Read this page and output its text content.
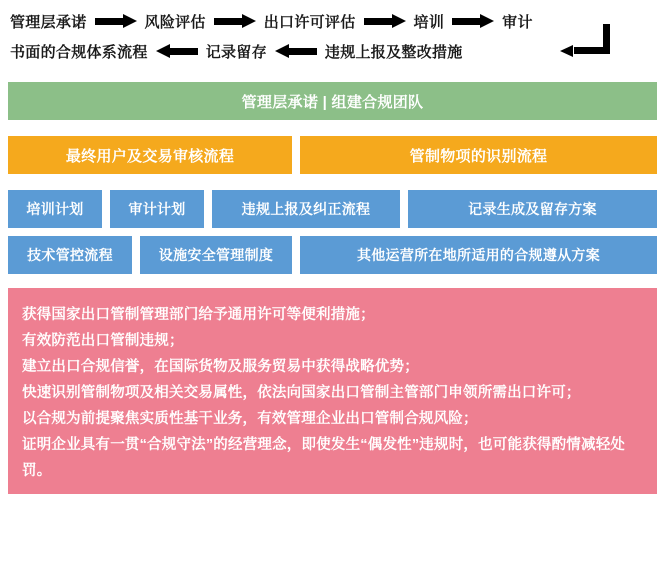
管理层承诺	风险评估	出口许可评估	培训	审计
书面的合规体系流程	记录留存	违规上报及整改措施
管理层承诺 | 组建合规团队
最终用户及交易审核流程	管制物项的识别流程
培训计划	审计计划	违规上报及纠正流程	记录生成及留存方案
技术管控流程	设施安全管理制度	其他运营所在地所适用的合规遵从方案
获得国家出口管制管理部门给予通用许可等便利措施；
有效防范出口管制违规；
建立出口合规信誉，在国际货物及服务贸易中获得战略优势；
快速识别管制物项及相关交易属性，依法向国家出口管制主管部门申领所需出口许可；
以合规为前提聚焦实质性基干业务，有效管理企业出口管制合规风险；
证明企业具有一贯“合规守法”的经营理念，即使发生“偶发性”违规时，也可能获得酌情减轻处罚。
